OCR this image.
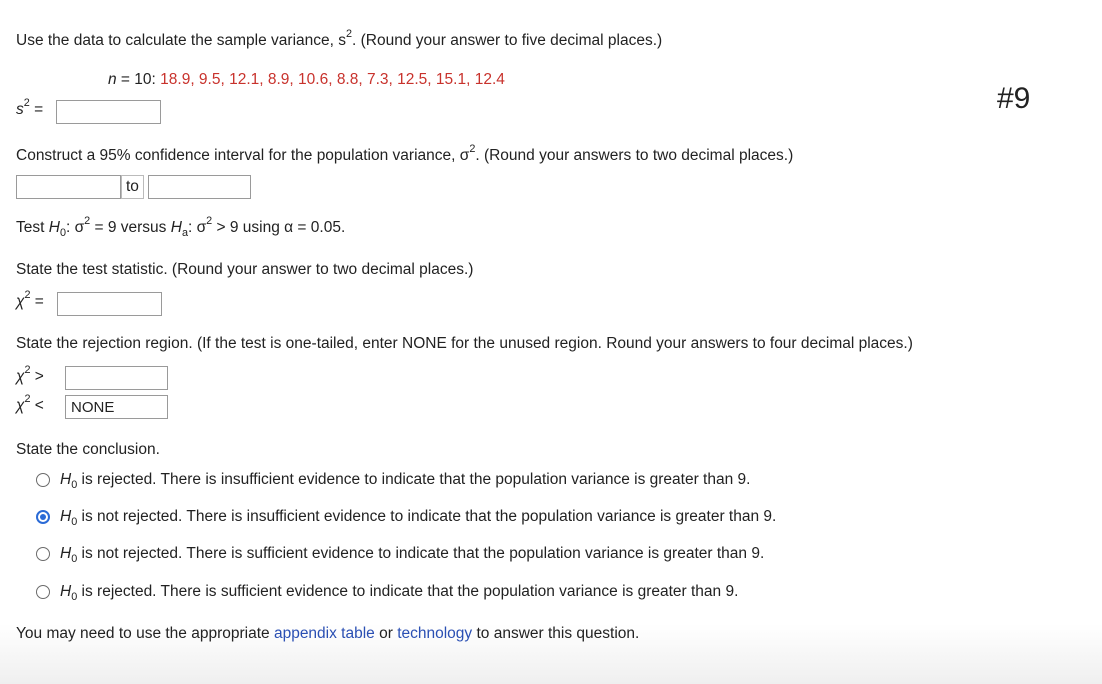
Use the data to calculate the sample variance, $s^2$. (Round your answer to five decimal places.)
n = 10: 18.9, 9.5, 12.1, 8.9, 10.6, 8.8, 7.3, 12.5, 15.1, 12.4
#9
$s^2$ =
Construct a 95% confidence interval for the population variance, $\sigma^2$. (Round your answers to two decimal places.)
to
Test $H_0$: $\sigma^2 = 9$ versus $H_a$: $\sigma^2 > 9$ using α = 0.05.
State the test statistic. (Round your answer to two decimal places.)
$\chi^2$ =
State the rejection region. (If the test is one-tailed, enter NONE for the unused region. Round your answers to four decimal places.)
$\chi^2$ >
$\chi^2$ <
NONE
State the conclusion.
$H_0$ is rejected. There is insufficient evidence to indicate that the population variance is greater than 9.
$H_0$ is not rejected. There is insufficient evidence to indicate that the population variance is greater than 9.
$H_0$ is not rejected. There is sufficient evidence to indicate that the population variance is greater than 9.
$H_0$ is rejected. There is sufficient evidence to indicate that the population variance is greater than 9.
You may need to use the appropriate appendix table or technology to answer this question.
